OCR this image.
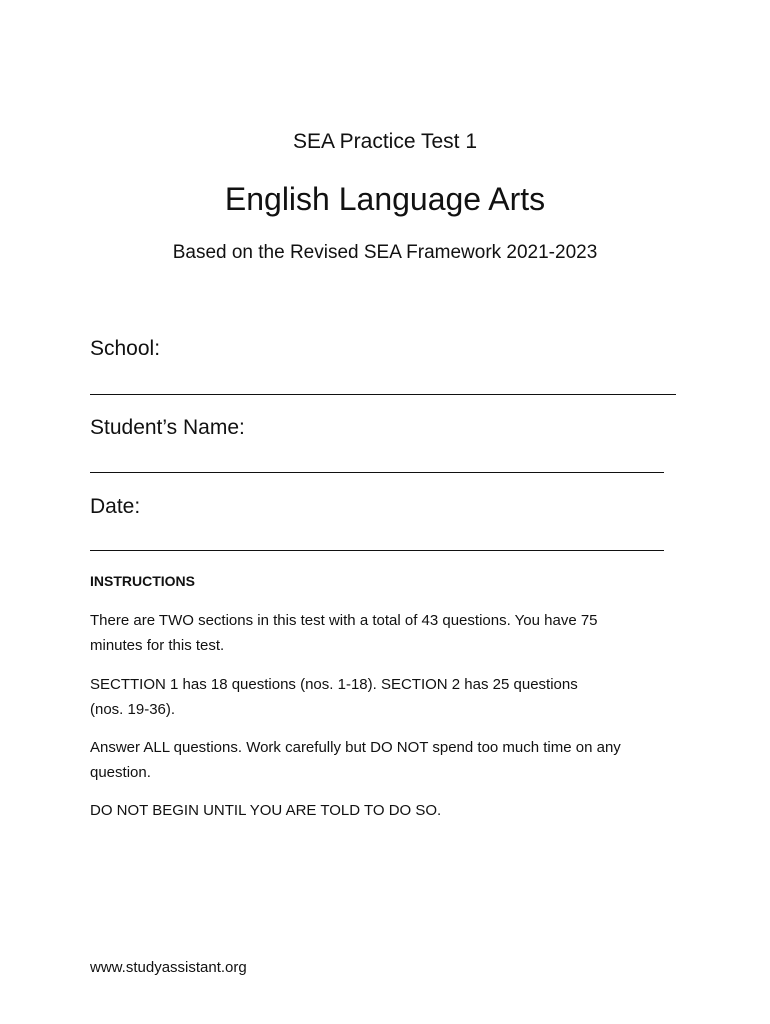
SEA Practice Test 1
English Language Arts
Based on the Revised SEA Framework 2021-2023
School:
Student’s Name:
Date:
INSTRUCTIONS
There are TWO sections in this test with a total of 43 questions. You have 75
minutes for this test.
SECTTION 1 has 18 questions (nos. 1-18). SECTION 2 has 25 questions
(nos. 19-36).
Answer ALL questions. Work carefully but DO NOT spend too much time on any
question.
DO NOT BEGIN UNTIL YOU ARE TOLD TO DO SO.
www.studyassistant.org
